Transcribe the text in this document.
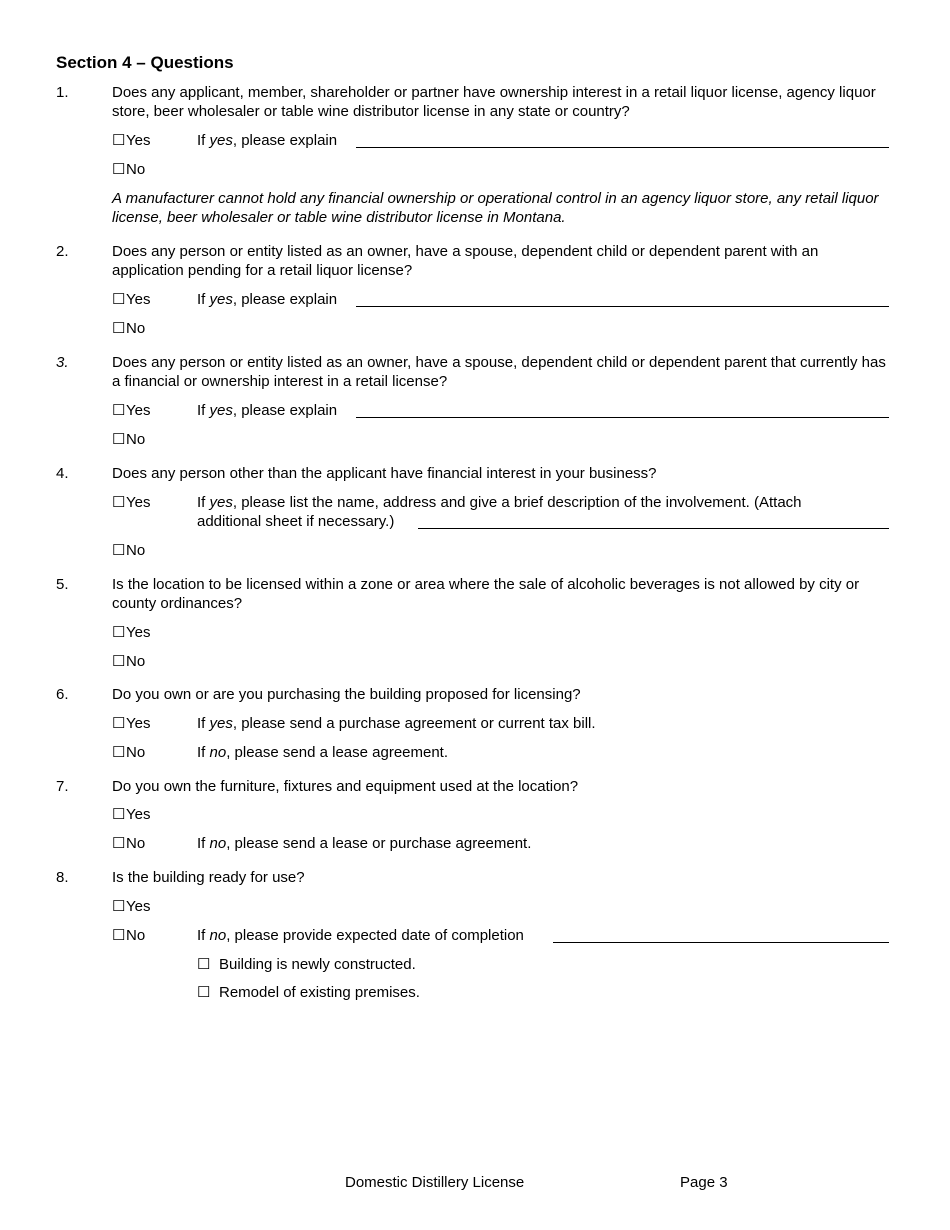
Section 4 – Questions
1.	Does any applicant, member, shareholder or partner have ownership interest in a retail liquor license, agency liquor store, beer wholesaler or table wine distributor license in any state or country?
☐Yes	If yes, please explain
☐No
A manufacturer cannot hold any financial ownership or operational control in an agency liquor store, any retail liquor license, beer wholesaler or table wine distributor license in Montana.
2.	Does any person or entity listed as an owner, have a spouse, dependent child or dependent parent with an application pending for a retail liquor license?
☐Yes	If yes, please explain
☐No
3.	Does any person or entity listed as an owner, have a spouse, dependent child or dependent parent that currently has a financial or ownership interest in a retail license?
☐Yes	If yes, please explain
☐No
4.	Does any person other than the applicant have financial interest in your business?
☐Yes	If yes, please list the name, address and give a brief description of the involvement. (Attach
additional sheet if necessary.)
☐No
5.	Is the location to be licensed within a zone or area where the sale of alcoholic beverages is not allowed by city or county ordinances?
☐Yes
☐No
6.	Do you own or are you purchasing the building proposed for licensing?
☐Yes	If yes, please send a purchase agreement or current tax bill.
☐No	If no, please send a lease agreement.
7.	Do you own the furniture, fixtures and equipment used at the location?
☐Yes
☐No	If no, please send a lease or purchase agreement.
8.	Is the building ready for use?
☐Yes
☐No	If no, please provide expected date of completion
☐ Building is newly constructed.
☐ Remodel of existing premises.
Domestic Distillery License	Page 3
